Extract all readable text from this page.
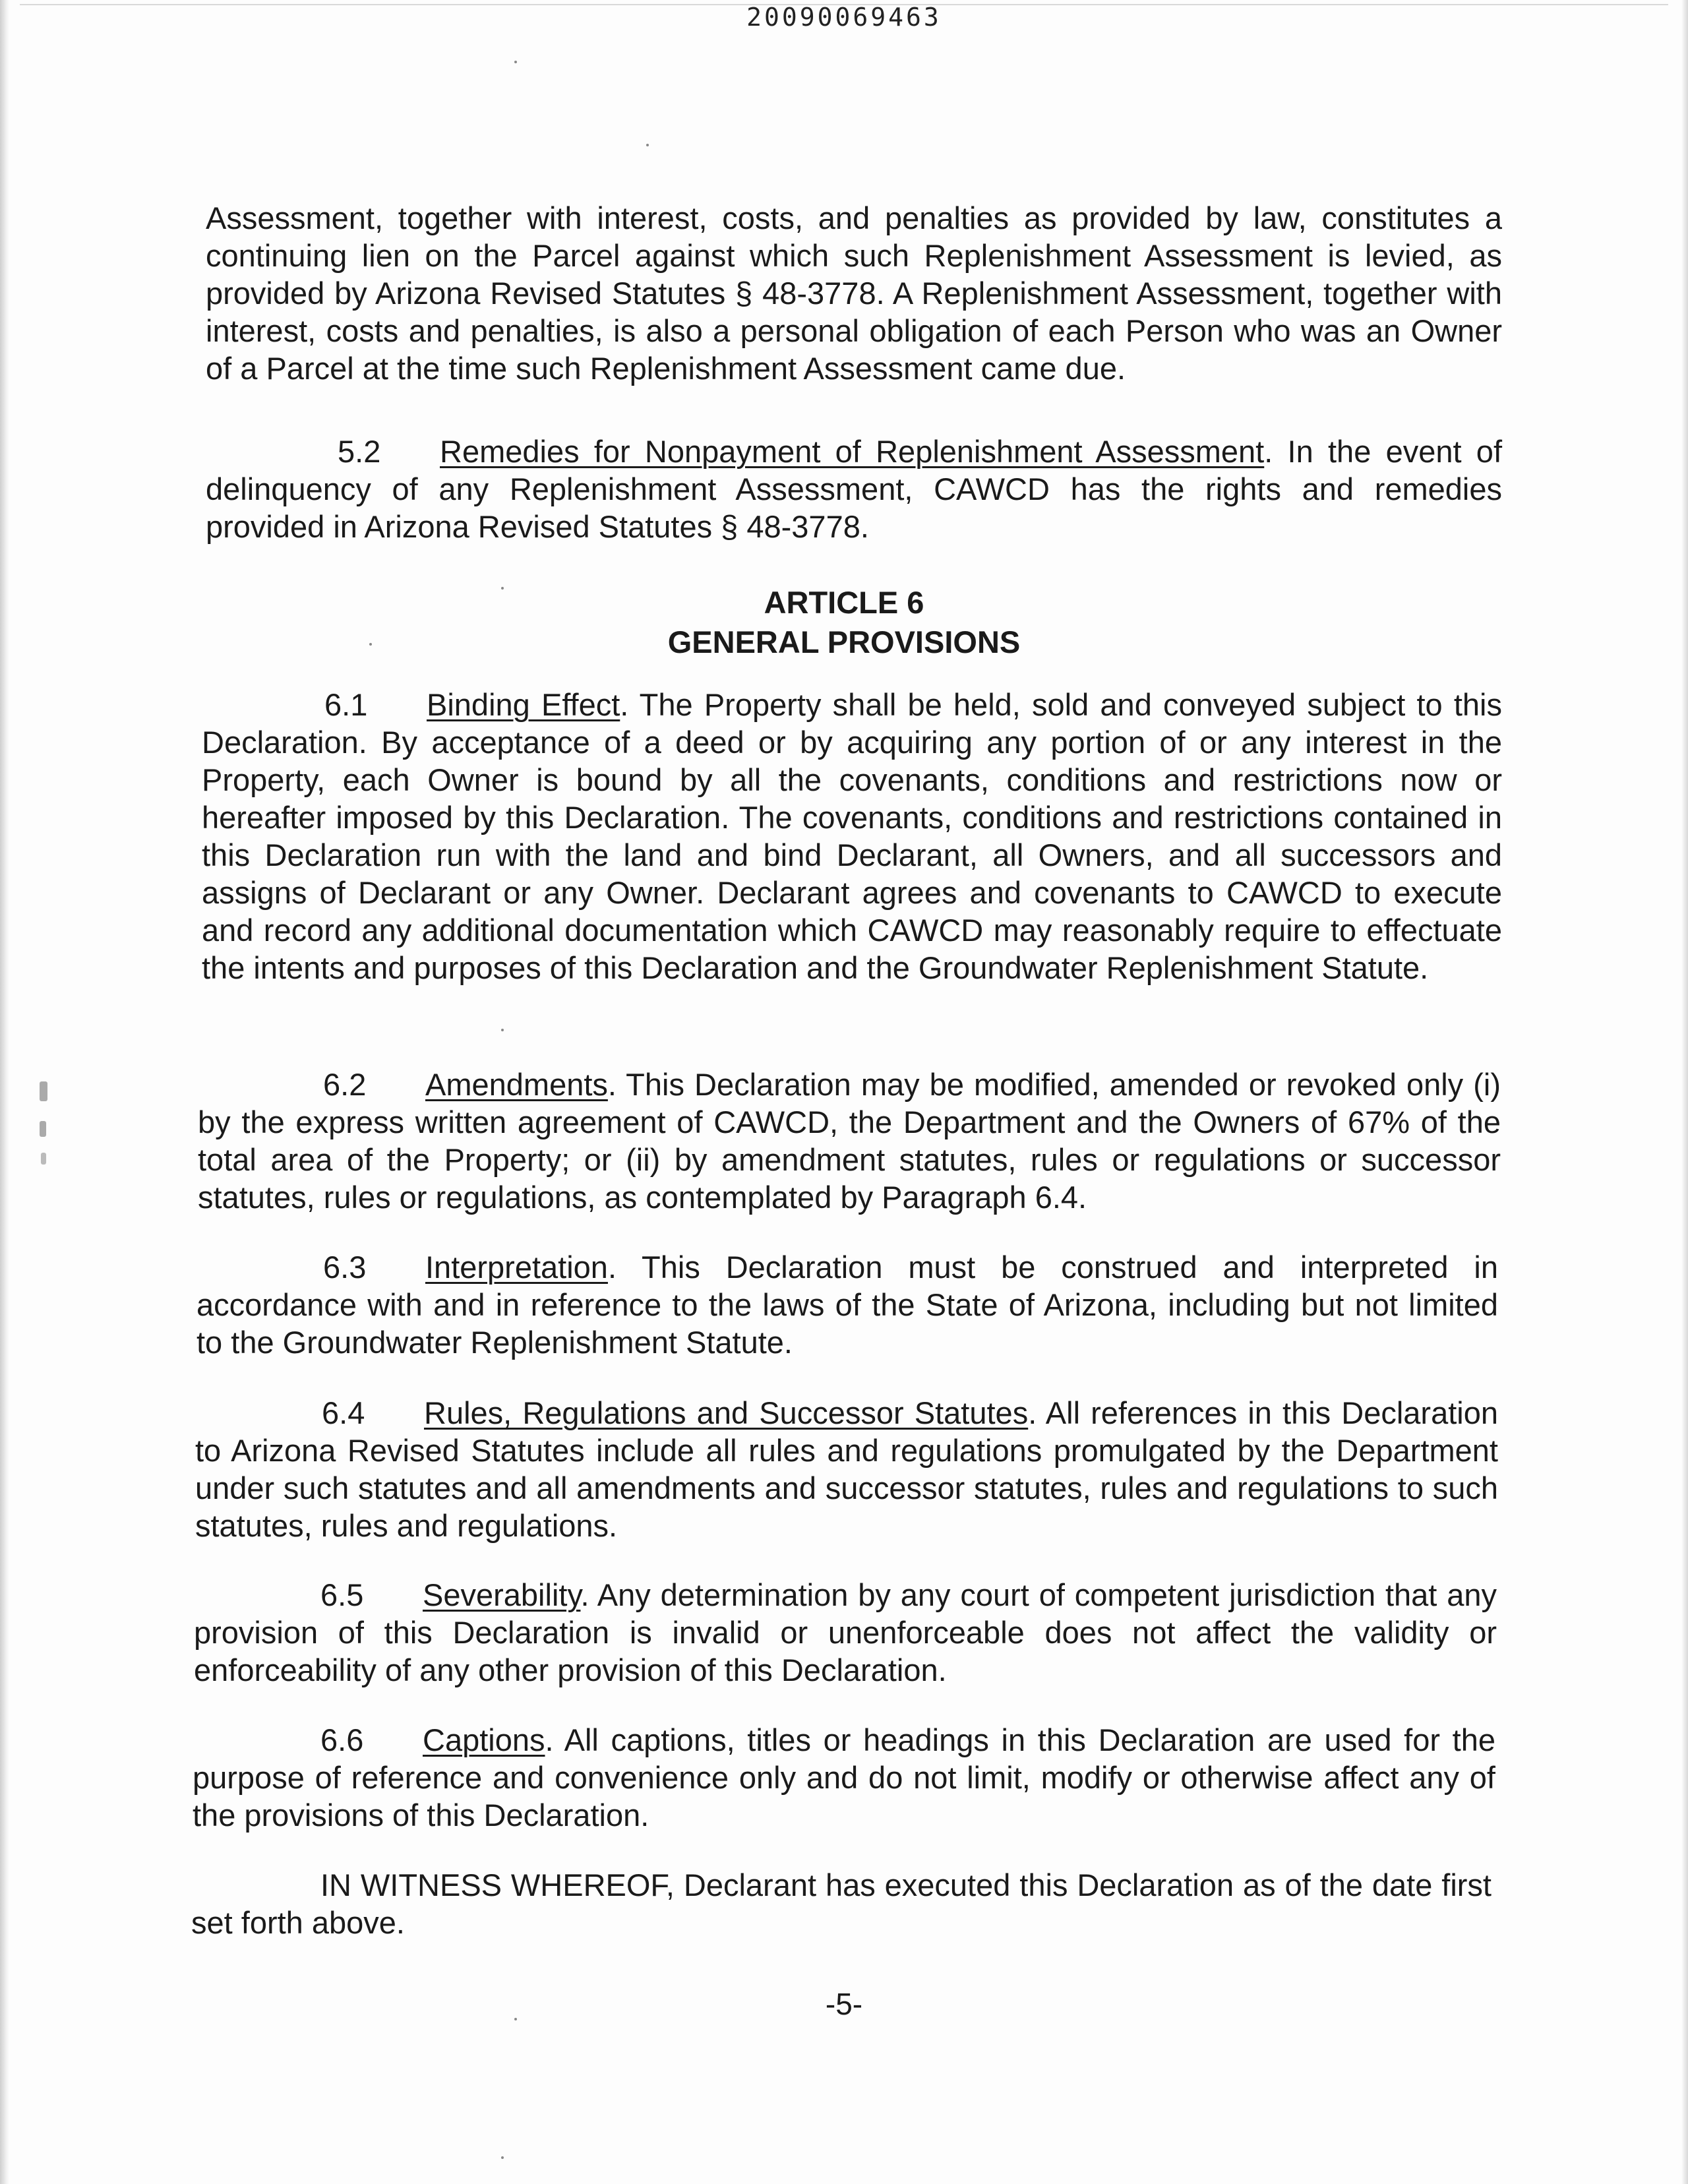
20090069463

Assessment, together with interest, costs, and penalties as provided by law, constitutes a continuing lien on the Parcel against which such Replenishment Assessment is levied, as provided by Arizona Revised Statutes § 48-3778. A Replenishment Assessment, together with interest, costs and penalties, is also a personal obligation of each Person who was an Owner of a Parcel at the time such Replenishment Assessment came due.

5.2 Remedies for Nonpayment of Replenishment Assessment. In the event of delinquency of any Replenishment Assessment, CAWCD has the rights and remedies provided in Arizona Revised Statutes § 48-3778.

ARTICLE 6
GENERAL PROVISIONS

6.1 Binding Effect. The Property shall be held, sold and conveyed subject to this Declaration. By acceptance of a deed or by acquiring any portion of or any interest in the Property, each Owner is bound by all the covenants, conditions and restrictions now or hereafter imposed by this Declaration. The covenants, conditions and restrictions contained in this Declaration run with the land and bind Declarant, all Owners, and all successors and assigns of Declarant or any Owner. Declarant agrees and covenants to CAWCD to execute and record any additional documentation which CAWCD may reasonably require to effectuate the intents and purposes of this Declaration and the Groundwater Replenishment Statute.

6.2 Amendments. This Declaration may be modified, amended or revoked only (i) by the express written agreement of CAWCD, the Department and the Owners of 67% of the total area of the Property; or (ii) by amendment statutes, rules or regulations or successor statutes, rules or regulations, as contemplated by Paragraph 6.4.

6.3 Interpretation. This Declaration must be construed and interpreted in accordance with and in reference to the laws of the State of Arizona, including but not limited to the Groundwater Replenishment Statute.

6.4 Rules, Regulations and Successor Statutes. All references in this Declaration to Arizona Revised Statutes include all rules and regulations promulgated by the Department under such statutes and all amendments and successor statutes, rules and regulations to such statutes, rules and regulations.

6.5 Severability. Any determination by any court of competent jurisdiction that any provision of this Declaration is invalid or unenforceable does not affect the validity or enforceability of any other provision of this Declaration.

6.6 Captions. All captions, titles or headings in this Declaration are used for the purpose of reference and convenience only and do not limit, modify or otherwise affect any of the provisions of this Declaration.

IN WITNESS WHEREOF, Declarant has executed this Declaration as of the date first set forth above.

-5-
